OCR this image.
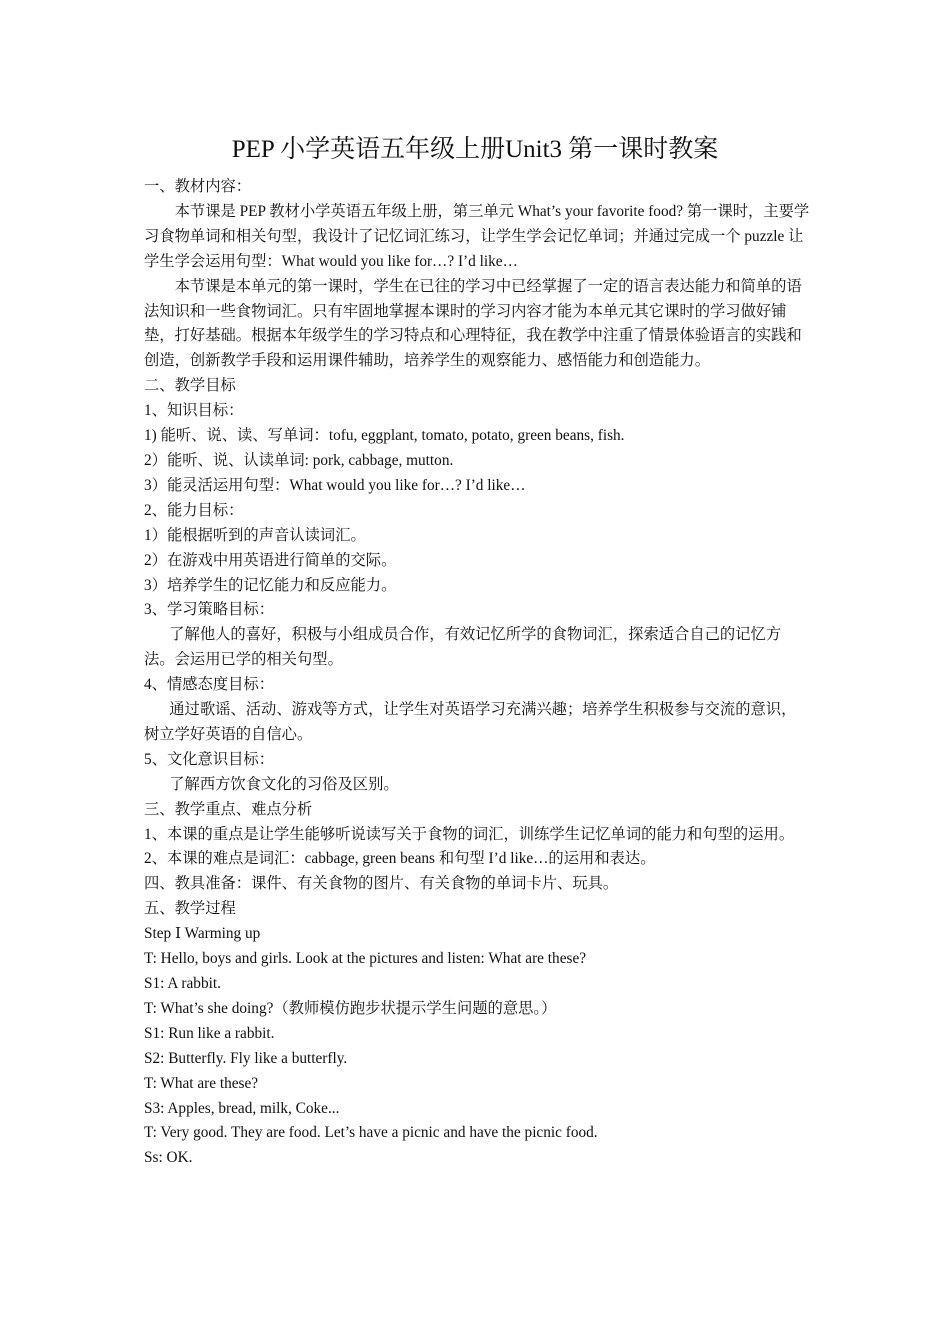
PEP 小学英语五年级上册Unit3 第一课时教案

一、教材内容：

本节课是 PEP 教材小学英语五年级上册，第三单元 What’s your favorite food? 第一课时，主要学习食物单词和相关句型，我设计了记忆词汇练习，让学生学会记忆单词；并通过完成一个 puzzle 让学生学会运用句型：What would you like for…? I’d like…

本节课是本单元的第一课时，学生在已往的学习中已经掌握了一定的语言表达能力和简单的语法知识和一些食物词汇。只有牢固地掌握本课时的学习内容才能为本单元其它课时的学习做好铺垫，打好基础。根据本年级学生的学习特点和心理特征，我在教学中注重了情景体验语言的实践和创造，创新教学手段和运用课件辅助，培养学生的观察能力、感悟能力和创造能力。

二、教学目标

1、知识目标：

1) 能听、说、读、写单词：tofu, eggplant, tomato, potato, green beans, fish.

2）能听、说、认读单词: pork, cabbage, mutton.

3）能灵活运用句型：What would you like for…? I’d like…

2、能力目标：

1）能根据听到的声音认读词汇。

2）在游戏中用英语进行简单的交际。

3）培养学生的记忆能力和反应能力。

3、学习策略目标：

了解他人的喜好，积极与小组成员合作，有效记忆所学的食物词汇，探索适合自己的记忆方法。会运用已学的相关句型。

4、情感态度目标：

通过歌谣、活动、游戏等方式，让学生对英语学习充满兴趣；培养学生积极参与交流的意识，树立学好英语的自信心。

5、文化意识目标：

了解西方饮食文化的习俗及区别。

三、教学重点、难点分析

1、本课的重点是让学生能够听说读写关于食物的词汇，训练学生记忆单词的能力和句型的运用。

2、本课的难点是词汇：cabbage, green beans 和句型 I’d like…的运用和表达。

四、教具准备：课件、有关食物的图片、有关食物的单词卡片、玩具。

五、教学过程

Step Ⅰ Warming up

T: Hello, boys and girls. Look at the pictures and listen: What are these?

S1: A rabbit.

T: What’s she doing?（教师模仿跑步状提示学生问题的意思。）

S1: Run like a rabbit.

S2: Butterfly. Fly like a butterfly.

T: What are these?

S3: Apples, bread, milk, Coke...

T: Very good. They are food. Let’s have a picnic and have the picnic food.

Ss: OK.
